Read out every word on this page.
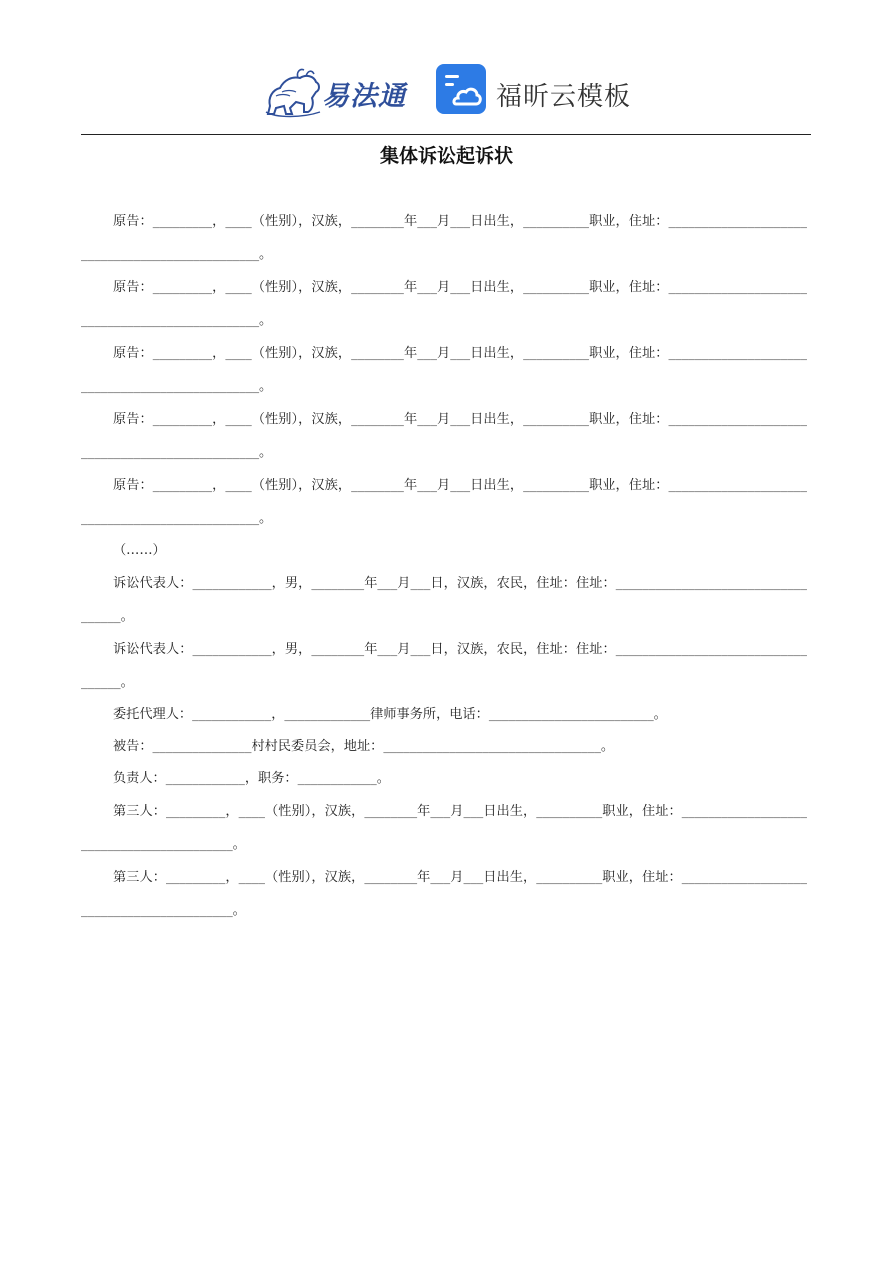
易法通	福昕云模板
集体诉讼起诉状

原告：_________，____（性别），汉族，________年___月___日出生，__________职业，住址：________________________________________________。

原告：_________，____（性别），汉族，________年___月___日出生，__________职业，住址：________________________________________________。

原告：_________，____（性别），汉族，________年___月___日出生，__________职业，住址：________________________________________________。

原告：_________，____（性别），汉族，________年___月___日出生，__________职业，住址：________________________________________________。

原告：_________，____（性别），汉族，________年___月___日出生，__________职业，住址：________________________________________________。

（……）

诉讼代表人：____________，男，________年___月___日，汉族，农民，住址：住址：___________________________________。

诉讼代表人：____________，男，________年___月___日，汉族，农民，住址：住址：___________________________________。

委托代理人：____________，_____________律师事务所，电话：_________________________。

被告：_______________村村民委员会，地址：_________________________________。

负责人：____________，职务：____________。

第三人：_________，____（性别），汉族，________年___月___日出生，__________职业，住址：__________________________________________。

第三人：_________，____（性别），汉族，________年___月___日出生，__________职业，住址：__________________________________________。
